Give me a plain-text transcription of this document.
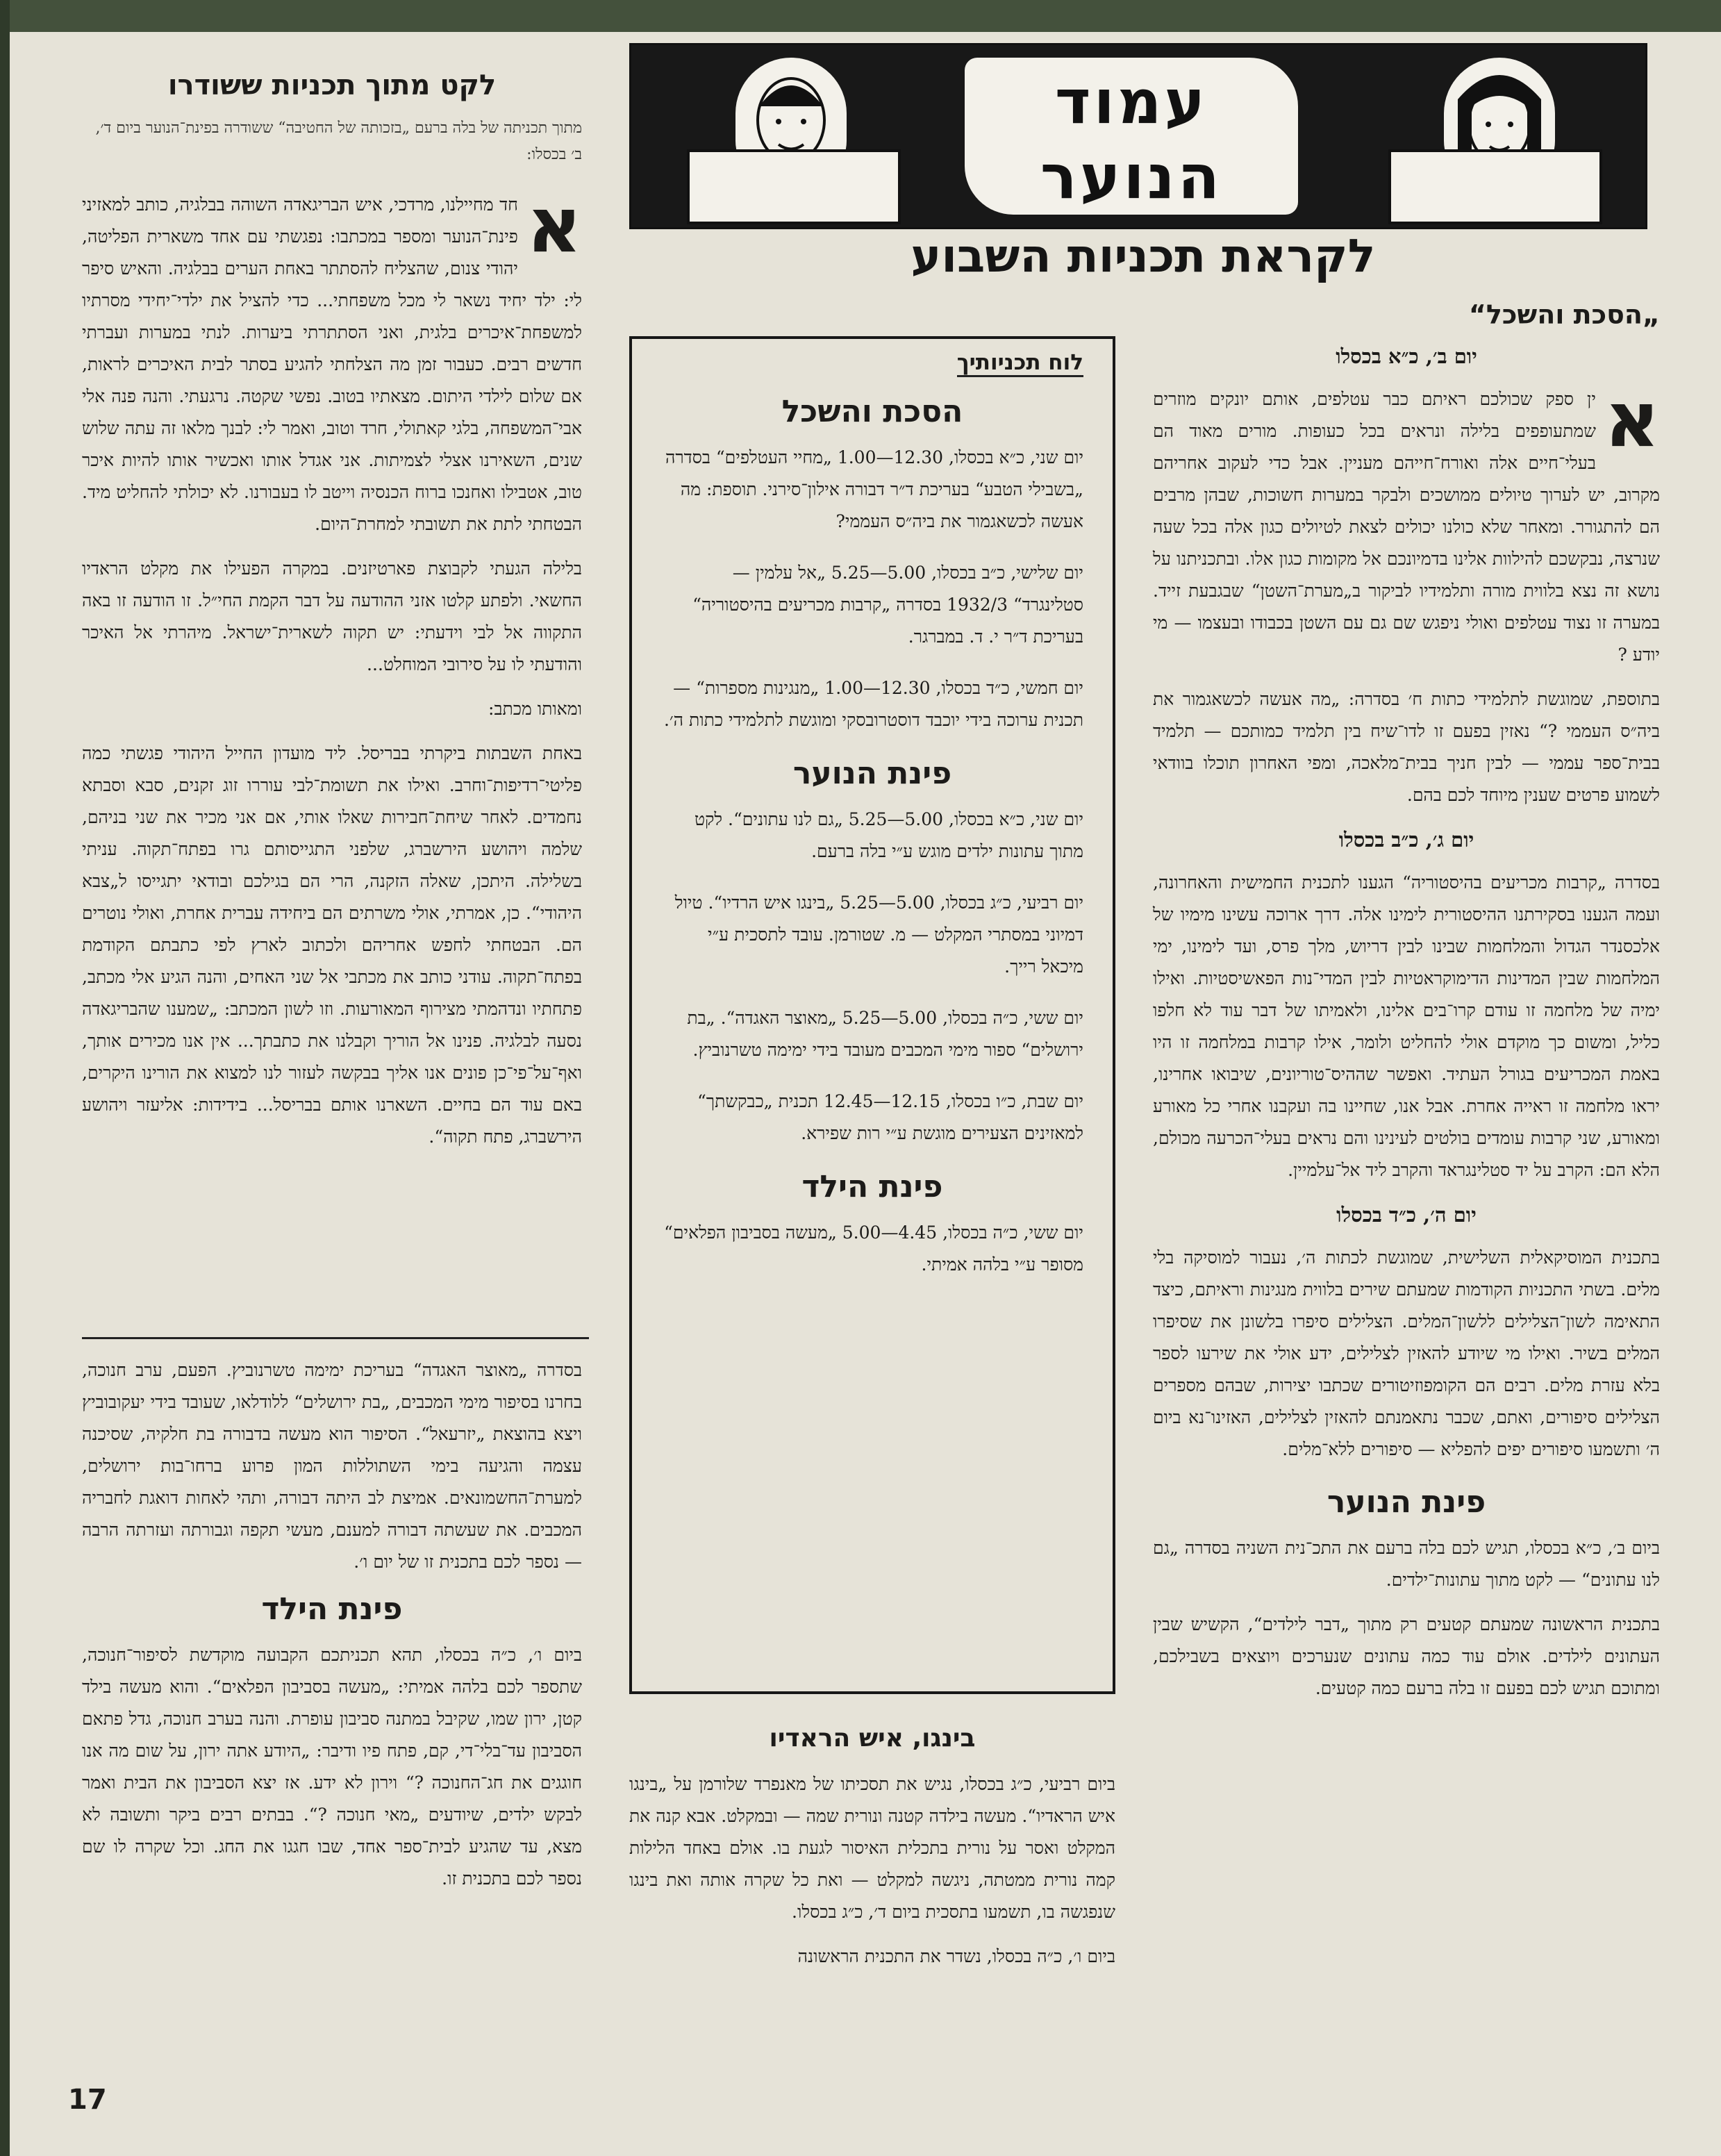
עמוד
הנוער
לקראת תכניות השבוע
„הסכת והשכל“
יום ב׳, כ״א בכסלו

א
ין ספק שכולכם ראיתם כבר עטלפים, אותם יונקים מוזרים שמתעופפים בלילה ונראים בכל כעופות. מורים מאוד הם בעלי־חיים אלה ואורח־חייהם מעניין. אבל כדי לעקוב אחריהם מקרוב, יש לערוך טיולים ממושכים ולבקר במערות חשוכות, שבהן מרבים הם להתגורר. ומאחר שלא כולנו יכולים לצאת לטיולים כגון אלה בכל שעה שנרצה, נבקשכם להילוות אלינו בדמיונכם אל מקומות כגון אלו. ובתכניתנו על נושא זה נצא בלווית מורה ותלמידיו לביקור ב„מערת־השטן“ שבגבעת זייד. במערה זו נצוד עטלפים ואולי ניפגש שם גם עם השטן בכבודו ובעצמו — מי יודע ?

בתוספת, שמוגשת לתלמידי כתות ח׳ בסדרה: „מה אעשה לכשאגמור את ביה״ס העממי ?“ נאזין בפעם זו לדו־שיח בין תלמיד כמותכם — תלמיד בבית־ספר עממי — לבין חניך בבית־מלאכה, ומפי האחרון תוכלו בוודאי לשמוע פרטים שענין מיוחד לכם בהם.

יום ג׳, כ״ב בכסלו

בסדרה „קרבות מכריעים בהיסטוריה“ הגענו לתכנית החמישית והאחרונה, ועמה הגענו בסקירתנו ההיסטורית לימינו אלה. דרך ארוכה עשינו מימיו של אלכסנדר הגדול והמלחמות שבינו לבין דריוש, מלך פרס, ועד לימינו, ימי המלחמות שבין המדינות הדימוקראטיות לבין המדי־נות הפאשיסטיות. ואילו ימיה של מלחמה זו עודם קרו־בים אלינו, ולאמיתו של דבר עוד לא חלפו כליל, ומשום כך מוקדם אולי להחליט ולומר, אילו קרבות במלחמה זו היו באמת המכריעים בגורל העתיד. ואפשר שההיס־טוריונים, שיבואו אחרינו, יראו מלחמה זו ראייה אחרת. אבל אנו, שחיינו בה ועקבנו אחרי כל מאורע ומאורע, שני קרבות עומדים בולטים לעינינו והם נראים בעלי־הכרעה מכולם, הלא הם: הקרב על יד סטלינגראד והקרב ליד אל־עלמיין.

יום ה׳, כ״ד בכסלו

בתכנית המוסיקאלית השלישית, שמוגשת לכתות ה׳, נעבור למוסיקה בלי מלים. בשתי התכניות הקודמות שמעתם שירים בלווית מנגינות וראיתם, כיצד התאימה לשון־הצלילים ללשון־המלים. הצלילים סיפרו בלשונן את שסיפרו המלים בשיר. ואילו מי שיודע להאזין לצלילים, ידע אולי את שירעו לספר בלא עזרת מלים. רבים הם הקומפוזיטורים שכתבו יצירות, שבהם מספרים הצלילים סיפורים, ואתם, שכבר נתאמנתם להאזין לצלילים, האזינו־נא ביום ה׳ ותשמעו סיפורים יפים להפליא — סיפורים ללא־מלים.

פינת הנוער

ביום ב׳, כ״א בכסלו, תגיש לכם בלה ברעם את התכ־נית השניה בסדרה „גם לנו עתונים“ — לקט מתוך עתונות־ילדים.

בתכנית הראשונה שמעתם קטעים רק מתוך „דבר לילדים“, הקשיש שבין העתונים לילדים. אולם עוד כמה עתונים שנערכים ויוצאים בשבילכם, ומתוכם תגיש לכם בפעם זו בלה ברעם כמה קטעים.

לוח תכניותיך
הסכת והשכל

יום שני, כ״א בכסלו, 12.30—1.00 „מחיי העטלפים“ בסדרה „בשבילי הטבע“ בעריכת ד״ר דבורה אילון־סירני. תוספת: מה אעשה לכשאגמור את ביה״ס העממי?

יום שלישי, כ״ב בכסלו, 5.00—5.25 „אל עלמין — סטלינגרד“ 1932/3 בסדרה „קרבות מכריעים בהיסטוריה“ בעריכת ד״ר י. ד. במברגר.

יום חמשי, כ״ד בכסלו, 12.30—1.00 „מנגינות מספרות“ — תכנית ערוכה בידי יוכבד דוסטרובסקי ומוגשת לתלמידי כתות ה׳.

פינת הנוער

יום שני, כ״א בכסלו, 5.00—5.25 „גם לנו עתונים“. לקט מתוך עתונות ילדים מוגש ע״י בלה ברעם.

יום רביעי, כ״ג בכסלו, 5.00—5.25 „בינגו איש הרדיו“. טיול דמיוני במסתרי המקלט — מ. שטורמן. עובד לתסכית ע״י מיכאל רייך.

יום ששי, כ״ה בכסלו, 5.00—5.25 „מאוצר האגדה“. „בת ירושלים“ ספור מימי המכבים מעובד בידי ימימה טשרנוביץ.

יום שבת, כ״ו בכסלו, 12.15—12.45 תכנית „כבקשתך“ למאזינים הצעירים מוגשת ע״י רות שפירא.

פינת הילד

יום ששי, כ״ה בכסלו, 4.45—5.00 „מעשה בסביבון הפלאים“ מסופר ע״י בלהה אמיתי.

בינגו, איש הראדיו

ביום רביעי, כ״ג בכסלו, נגיש את תסכיתו של מאנפרד שלורמן על „בינגו איש הראדיו“. מעשה בילדה קטנה ונורית שמה — ובמקלט. אבא קנה את המקלט ואסר על נורית בתכלית האיסור לגעת בו. אולם באחד הלילות קמה נורית ממטתה, ניגשה למקלט — ואת כל שקרה אותה ואת בינגו שנפגשה בו, תשמעו בתסכית ביום ד׳, כ״ג בכסלו.

ביום ו׳, כ״ה בכסלו, נשדר את התכנית הראשונה

לקט מתוך תכניות ששודרו
מתוך תכניתה של בלה ברעם „בזכותה של החטיבה“ ששודרה בפינת־הנוער ביום ד׳, ב׳ בכסלו:

א
חד מחיילנו, מרדכי, איש הבריגאדה השוהה בבלגיה, כותב למאזיני פינת־הנוער ומספר במכתבו: נפגשתי עם אחד משארית הפליטה, יהודי צנום, שהצליח להסתתר באחת הערים בבלגיה. והאיש סיפר לי: ילד יחיד נשאר לי מכל משפחתי... כדי להציל את ילדי־יחידי מסרתיו למשפחת־איכרים בלגית, ואני הסתתרתי ביערות. לנתי במערות ועברתי חדשים רבים. כעבור זמן מה הצלחתי להגיע בסתר לבית האיכרים לראות, אם שלום לילדי היתום. מצאתיו בטוב. נפשי שקטה. נרגעתי. והנה פנה אלי אבי־המשפחה, בלגי קאתולי, חרד וטוב, ואמר לי: לבנך מלאו זה עתה שלוש שנים, השאירנו אצלי לצמיתות. אני אגדל אותו ואכשיר אותו להיות איכר טוב, אטבילו ואחנכו ברוח הכנסיה וייטב לו בעבורנו. לא יכולתי להחליט מיד. הבטחתי לתת את תשובתי למחרת־היום.

בלילה הגעתי לקבוצת פארטיזנים. במקרה הפעילו את מקלט הראדיו החשאי. ולפתע קלטו אזני ההודעה על דבר הקמת החי״ל. זו הודעה זו באה התקווה אל לבי וידעתי: יש תקוה לשארית־ישראל. מיהרתי אל האיכר והודעתי לו על סירובי המוחלט...

ומאותו מכתב:

באחת השבתות ביקרתי בבריסל. ליד מועדון החייל היהודי פגשתי כמה פליטי־רדיפות־וחרב. ואילו את תשומת־לבי עוררו זוג זקנים, סבא וסבתא נחמדים. לאחר שיחת־חבירות שאלו אותי, אם אני מכיר את שני בניהם, שלמה ויהושע הירשברג, שלפני התגייסותם גרו בפתח־תקוה. עניתי בשלילה. היתכן, שאלה הזקנה, הרי הם בגילכם ובודאי יתגייסו ל„צבא היהודי“. כן, אמרתי, אולי משרתים הם ביחידה עברית אחרת, ואולי נוטרים הם. הבטחתי לחפש אחריהם ולכתוב לארץ לפי כתבתם הקודמת בפתח־תקוה. עודני כותב את מכתבי אל שני האחים, והנה הגיע אלי מכתב, פתחתיו ונדהמתי מצירוף המאורעות. וזו לשון המכתב: „שמענו שהבריגאדה נסעה לבלגיה. פנינו אל הוריך וקבלנו את כתבתך... אין אנו מכירים אותך, ואף־על־פי־כן פונים אנו אליך בבקשה לעזור לנו למצוא את הורינו היקרים, באם עוד הם בחיים. השארנו אותם בבריסל... בידידות: אליעזר ויהושע הירשברג, פתח תקוה“.

בסדרה „מאוצר האגדה“ בעריכת ימימה טשרנוביץ. הפעם, ערב חנוכה, בחרנו בסיפור מימי המכבים, „בת ירושלים“ ללודלאו, שעובד בידי יעקובוביץ ויצא בהוצאת „יזרעאל“. הסיפור הוא מעשה בדבורה בת חלקיה, שסיכנה עצמה והגיעה בימי השתוללות המון פרוע ברחו־בות ירושלים, למערת־החשמונאים. אמיצת לב היתה דבורה, ותהי לאחות דואגת לחבריה המכבים. את שעשתה דבורה למענם, מעשי תקפה וגבורתה ועזרתה הרבה — נספר לכם בתכנית זו של יום ו׳.

פינת הילד

ביום ו׳, כ״ה בכסלו, תהא תכניתכם הקבועה מוקדשת לסיפור־חנוכה, שתספר לכם בלהה אמיתי: „מעשה בסביבון הפלאים“. והוא מעשה בילד קטן, ירון שמו, שקיבל במתנה סביבון עופרת. והנה בערב חנוכה, גדל פתאם הסביבון עד־בלי־די, קם, פתח פיו ודיבר: „היודע אתה ירון, על שום מה אנו חוגגים את חג־החנוכה ?“ וירון לא ידע. אז יצא הסביבון את הבית ואמר לבקש ילדים, שיודעים „מאי חנוכה ?“. בבתים רבים ביקר ותשובה לא מצא, עד שהגיע לבית־ספר אחד, שבו חגגו את החג. וכל שקרה לו שם נספר לכם בתכנית זו.

17
